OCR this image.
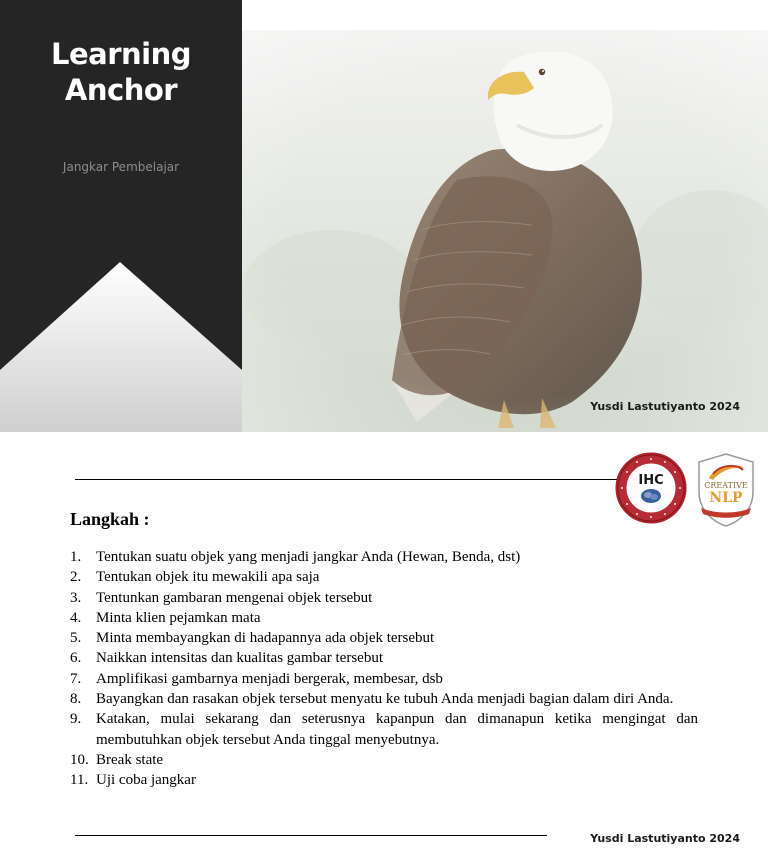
Learning
Anchor
Jangkar Pembelajar
Yusdi Lastutiyanto 2024
IHC	CREATIVE
NLP
Langkah :
1. Tentukan suatu objek yang menjadi jangkar Anda (Hewan, Benda, dst)
2. Tentukan objek itu mewakili apa saja
3. Tentunkan gambaran mengenai objek tersebut
4. Minta klien pejamkan mata
5. Minta membayangkan di hadapannya ada objek tersebut
6. Naikkan intensitas dan kualitas gambar tersebut
7. Amplifikasi gambarnya menjadi bergerak, membesar, dsb
8. Bayangkan dan rasakan objek tersebut menyatu ke tubuh Anda menjadi bagian dalam diri Anda.
9. Katakan, mulai sekarang dan seterusnya kapanpun dan dimanapun ketika mengingat dan membutuhkan objek tersebut Anda tinggal menyebutnya.
10. Break state
11. Uji coba jangkar
Yusdi Lastutiyanto 2024
